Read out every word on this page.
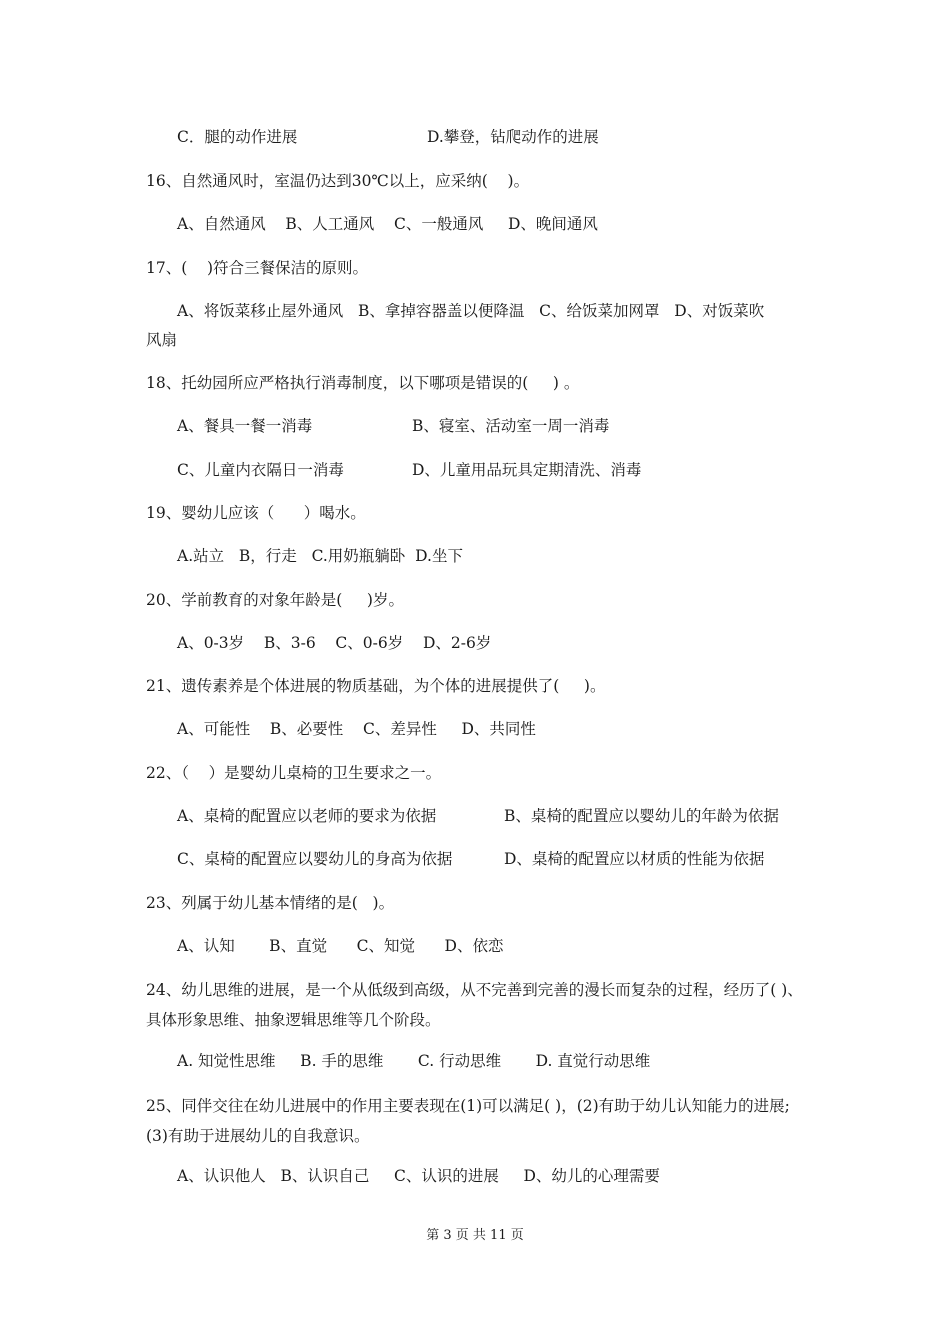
C．腿的动作进展	D.攀登，钻爬动作的进展
16、自然通风时，室温仍达到30℃以上，应采纳(    )。
A、自然通风    B、人工通风    C、一般通风     D、晚间通风
17、(    )符合三餐保洁的原则。
A、将饭菜移止屋外通风   B、拿掉容器盖以便降温   C、给饭菜加网罩   D、对饭菜吹
风扇
18、托幼园所应严格执行消毒制度，以下哪项是错误的(     ) 。
A、餐具一餐一消毒	B、寝室、活动室一周一消毒
C、儿童内衣隔日一消毒	D、儿童用品玩具定期清洗、消毒
19、婴幼儿应该（      ）喝水。
A.站立   B，行走   C.用奶瓶躺卧  D.坐下
20、学前教育的对象年龄是(     )岁。
A、0-3岁    B、3-6    C、0-6岁    D、2-6岁
21、遗传素养是个体进展的物质基础，为个体的进展提供了(     )。
A、可能性    B、必要性    C、差异性     D、共同性
22、（    ）是婴幼儿桌椅的卫生要求之一。
A、桌椅的配置应以老师的要求为依据	B、桌椅的配置应以婴幼儿的年龄为依据
C、桌椅的配置应以婴幼儿的身高为依据	D、桌椅的配置应以材质的性能为依据
23、列属于幼儿基本情绪的是(   )。
A、认知       B、直觉      C、知觉      D、依恋
24、幼儿思维的进展，是一个从低级到高级，从不完善到完善的漫长而复杂的过程，经历了( )、具体形象思维、抽象逻辑思维等几个阶段。
A. 知觉性思维     B. 手的思维       C. 行动思维       D. 直觉行动思维
25、同伴交往在幼儿进展中的作用主要表现在(1)可以满足( )，(2)有助于幼儿认知能力的进展;(3)有助于进展幼儿的自我意识。
A、认识他人   B、认识自己     C、认识的进展     D、幼儿的心理需要
第 3 页 共 11 页
